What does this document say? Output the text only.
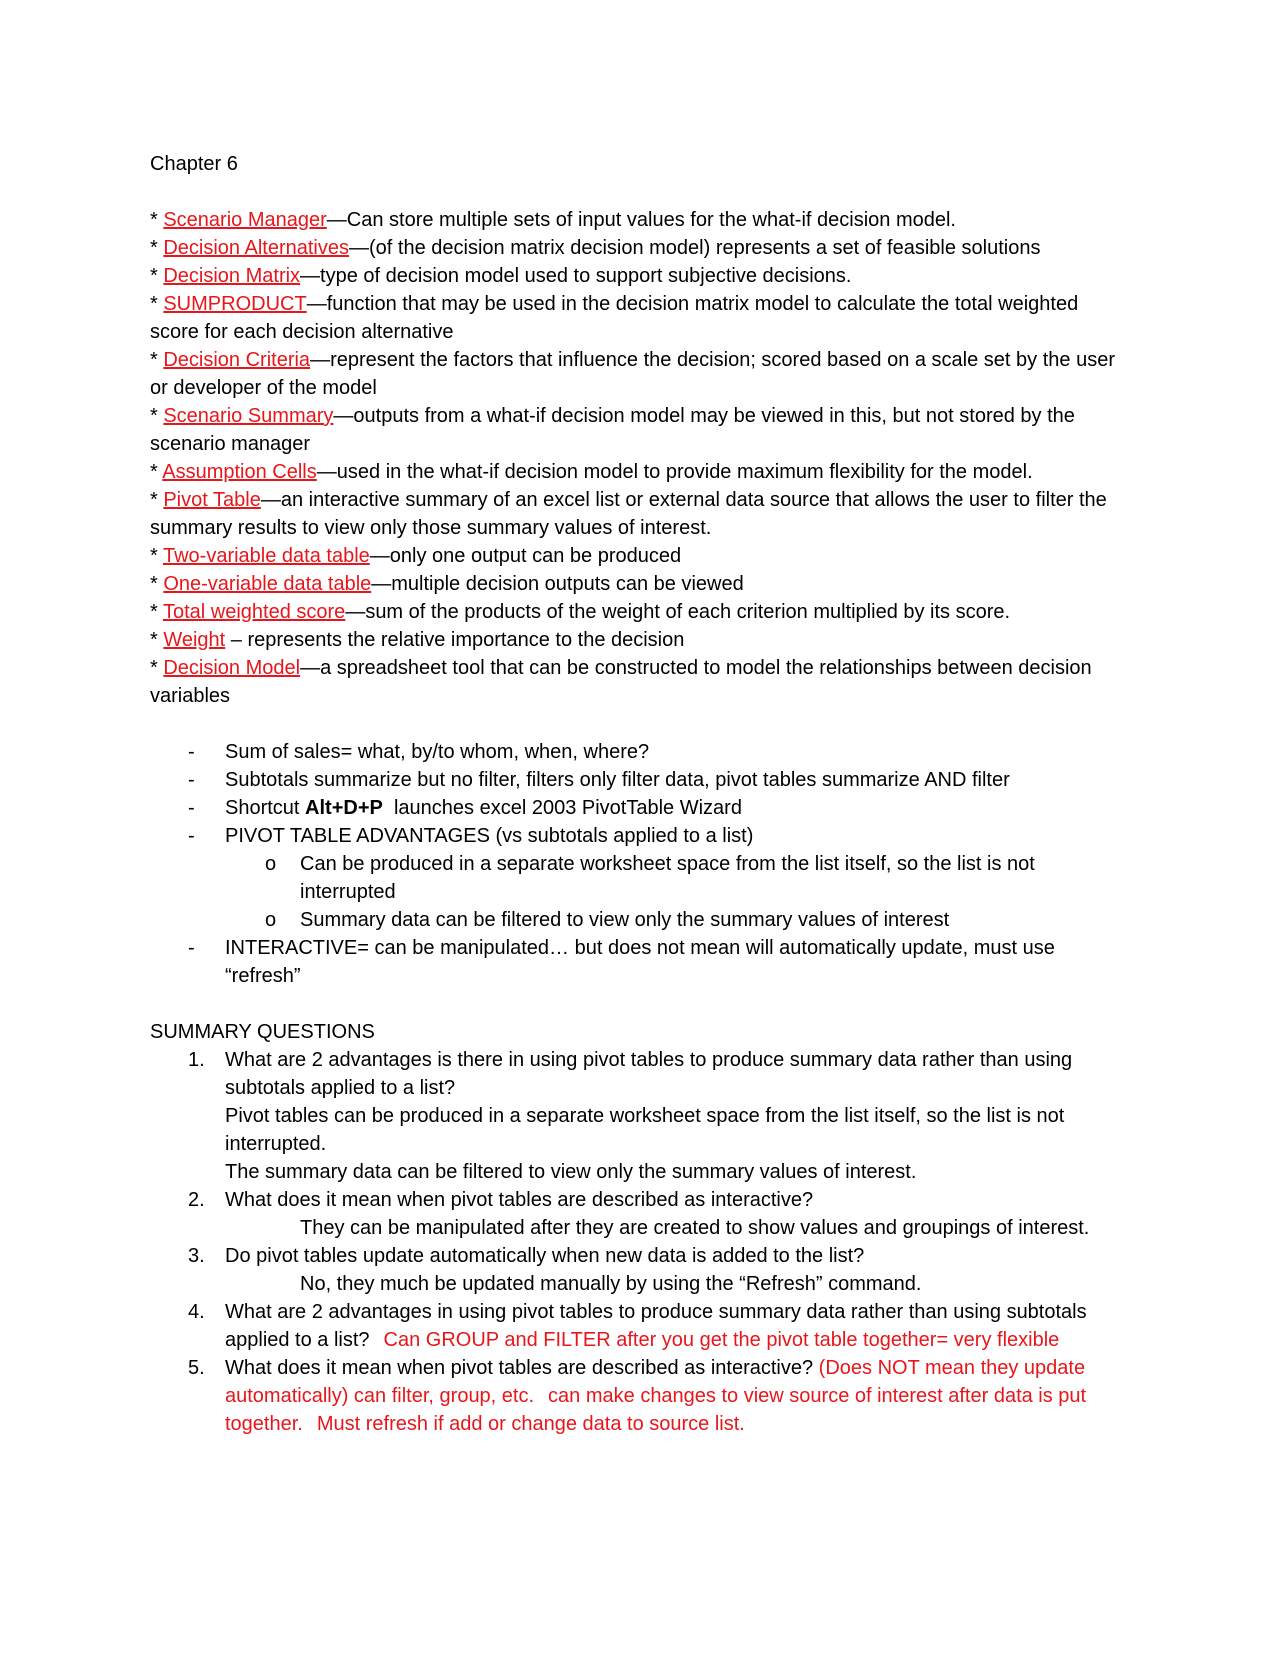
Chapter 6
* Scenario Manager—Can store multiple sets of input values for the what-if decision model.
* Decision Alternatives—(of the decision matrix decision model) represents a set of feasible solutions
* Decision Matrix—type of decision model used to support subjective decisions.
* SUMPRODUCT—function that may be used in the decision matrix model to calculate the total weighted score for each decision alternative
* Decision Criteria—represent the factors that influence the decision; scored based on a scale set by the user or developer of the model
* Scenario Summary—outputs from a what-if decision model may be viewed in this, but not stored by the scenario manager
* Assumption Cells—used in the what-if decision model to provide maximum flexibility for the model.
* Pivot Table—an interactive summary of an excel list or external data source that allows the user to filter the summary results to view only those summary values of interest.
* Two-variable data table—only one output can be produced
* One-variable data table—multiple decision outputs can be viewed
* Total weighted score—sum of the products of the weight of each criterion multiplied by its score.
* Weight – represents the relative importance to the decision
* Decision Model—a spreadsheet tool that can be constructed to model the relationships between decision variables
- Sum of sales= what, by/to whom, when, where?
- Subtotals summarize but no filter, filters only filter data, pivot tables summarize AND filter
- Shortcut Alt+D+P  launches excel 2003 PivotTable Wizard
- PIVOT TABLE ADVANTAGES (vs subtotals applied to a list)
o Can be produced in a separate worksheet space from the list itself, so the list is not interrupted
o Summary data can be filtered to view only the summary values of interest
- INTERACTIVE= can be manipulated… but does not mean will automatically update, must use “refresh”
SUMMARY QUESTIONS
1. What are 2 advantages is there in using pivot tables to produce summary data rather than using subtotals applied to a list?
Pivot tables can be produced in a separate worksheet space from the list itself, so the list is not interrupted.
The summary data can be filtered to view only the summary values of interest.
2. What does it mean when pivot tables are described as interactive?
They can be manipulated after they are created to show values and groupings of interest.
3. Do pivot tables update automatically when new data is added to the list?
No, they much be updated manually by using the “Refresh” command.
4. What are 2 advantages in using pivot tables to produce summary data rather than using subtotals applied to a list? Can GROUP and FILTER after you get the pivot table together= very flexible
5. What does it mean when pivot tables are described as interactive? (Does NOT mean they update automatically) can filter, group, etc. can make changes to view source of interest after data is put together. Must refresh if add or change data to source list.
